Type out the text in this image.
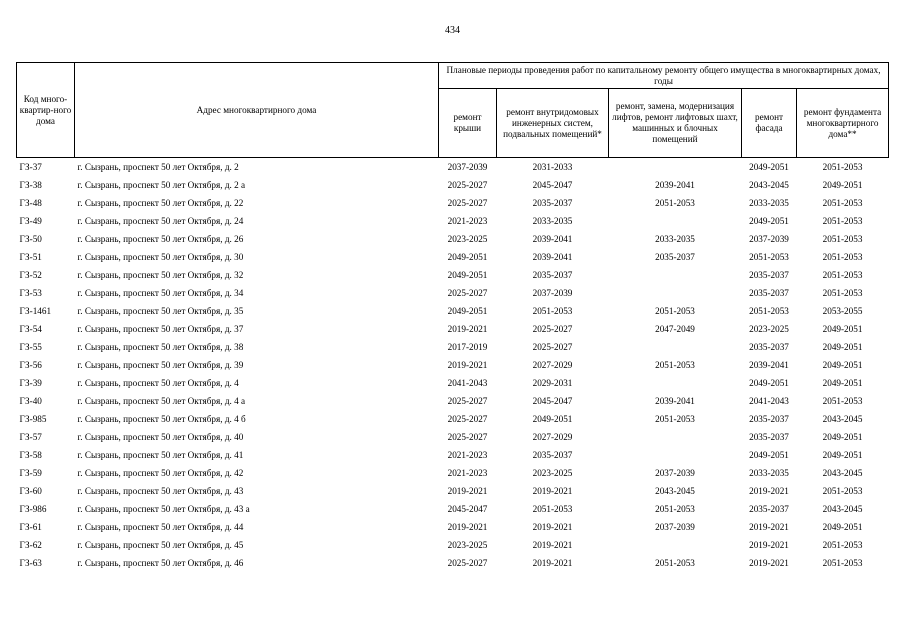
434
Код много-квартир-ного дома	Адрес многоквартирного дома	Плановые периоды проведения работ по капитальному ремонту общего имущества в многоквартирных домах, годы				
		ремонт крыши	ремонт внутридомовых инженерных систем, подвальных помещений*	ремонт, замена, модернизация лифтов, ремонт лифтовых шахт, машинных и блочных помещений	ремонт фасада	ремонт фундамента многоквартирного дома**
ГЗ-37	г. Сызрань, проспект 50 лет Октября, д. 2	2037-2039	2031-2033		2049-2051	2051-2053
ГЗ-38	г. Сызрань, проспект 50 лет Октября, д. 2 а	2025-2027	2045-2047	2039-2041	2043-2045	2049-2051
ГЗ-48	г. Сызрань, проспект 50 лет Октября, д. 22	2025-2027	2035-2037	2051-2053	2033-2035	2051-2053
ГЗ-49	г. Сызрань, проспект 50 лет Октября, д. 24	2021-2023	2033-2035		2049-2051	2051-2053
ГЗ-50	г. Сызрань, проспект 50 лет Октября, д. 26	2023-2025	2039-2041	2033-2035	2037-2039	2051-2053
ГЗ-51	г. Сызрань, проспект 50 лет Октября, д. 30	2049-2051	2039-2041	2035-2037	2051-2053	2051-2053
ГЗ-52	г. Сызрань, проспект 50 лет Октября, д. 32	2049-2051	2035-2037		2035-2037	2051-2053
ГЗ-53	г. Сызрань, проспект 50 лет Октября, д. 34	2025-2027	2037-2039		2035-2037	2051-2053
ГЗ-1461	г. Сызрань, проспект 50 лет Октября, д. 35	2049-2051	2051-2053	2051-2053	2051-2053	2053-2055
ГЗ-54	г. Сызрань, проспект 50 лет Октября, д. 37	2019-2021	2025-2027	2047-2049	2023-2025	2049-2051
ГЗ-55	г. Сызрань, проспект 50 лет Октября, д. 38	2017-2019	2025-2027		2035-2037	2049-2051
ГЗ-56	г. Сызрань, проспект 50 лет Октября, д. 39	2019-2021	2027-2029	2051-2053	2039-2041	2049-2051
ГЗ-39	г. Сызрань, проспект 50 лет Октября, д. 4	2041-2043	2029-2031		2049-2051	2049-2051
ГЗ-40	г. Сызрань, проспект 50 лет Октября, д. 4 а	2025-2027	2045-2047	2039-2041	2041-2043	2051-2053
ГЗ-985	г. Сызрань, проспект 50 лет Октября, д. 4 б	2025-2027	2049-2051	2051-2053	2035-2037	2043-2045
ГЗ-57	г. Сызрань, проспект 50 лет Октября, д. 40	2025-2027	2027-2029		2035-2037	2049-2051
ГЗ-58	г. Сызрань, проспект 50 лет Октября, д. 41	2021-2023	2035-2037		2049-2051	2049-2051
ГЗ-59	г. Сызрань, проспект 50 лет Октября, д. 42	2021-2023	2023-2025	2037-2039	2033-2035	2043-2045
ГЗ-60	г. Сызрань, проспект 50 лет Октября, д. 43	2019-2021	2019-2021	2043-2045	2019-2021	2051-2053
ГЗ-986	г. Сызрань, проспект 50 лет Октября, д. 43 а	2045-2047	2051-2053	2051-2053	2035-2037	2043-2045
ГЗ-61	г. Сызрань, проспект 50 лет Октября, д. 44	2019-2021	2019-2021	2037-2039	2019-2021	2049-2051
ГЗ-62	г. Сызрань, проспект 50 лет Октября, д. 45	2023-2025	2019-2021		2019-2021	2051-2053
ГЗ-63	г. Сызрань, проспект 50 лет Октября, д. 46	2025-2027	2019-2021	2051-2053	2019-2021	2051-2053
